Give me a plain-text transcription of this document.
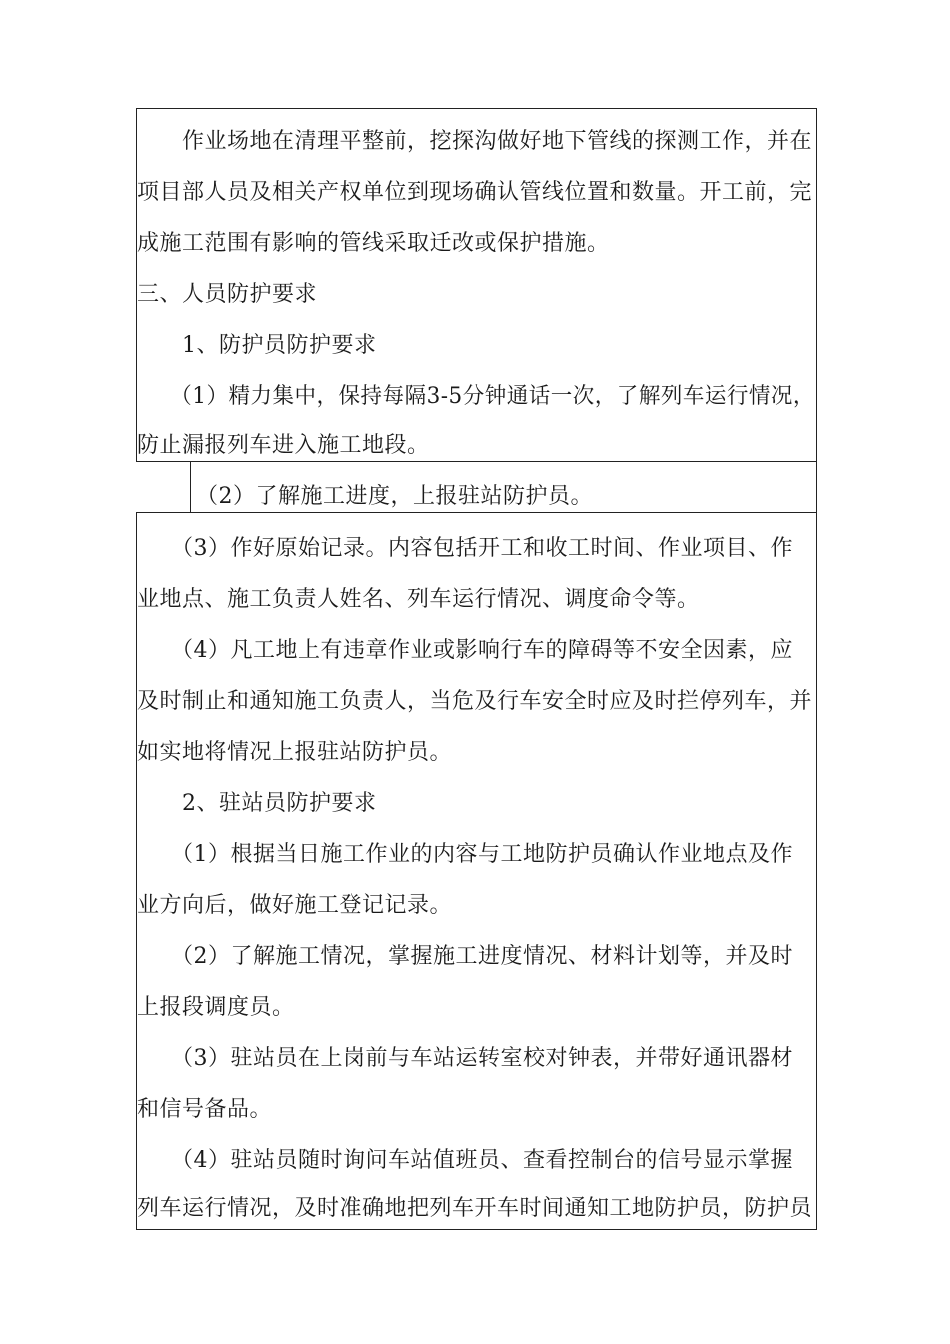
　　作业场地在清理平整前，挖探沟做好地下管线的探测工作，并在
项目部人员及相关产权单位到现场确认管线位置和数量。开工前，完
成施工范围有影响的管线采取迁改或保护措施。
三、人员防护要求
　　1、防护员防护要求
　　（1）精力集中，保持每隔3-5分钟通话一次，了解列车运行情况，
防止漏报列车进入施工地段。
（2）了解施工进度，上报驻站防护员。
　　（3）作好原始记录。内容包括开工和收工时间、作业项目、作
业地点、施工负责人姓名、列车运行情况、调度命令等。
　　（4）凡工地上有违章作业或影响行车的障碍等不安全因素，应
及时制止和通知施工负责人，当危及行车安全时应及时拦停列车，并
如实地将情况上报驻站防护员。
　　2、驻站员防护要求
　　（1）根据当日施工作业的内容与工地防护员确认作业地点及作
业方向后，做好施工登记记录。
　　（2）了解施工情况，掌握施工进度情况、材料计划等，并及时
上报段调度员。
　　（3）驻站员在上岗前与车站运转室校对钟表，并带好通讯器材
和信号备品。
　　（4）驻站员随时询问车站值班员、查看控制台的信号显示掌握
列车运行情况，及时准确地把列车开车时间通知工地防护员，防护员
